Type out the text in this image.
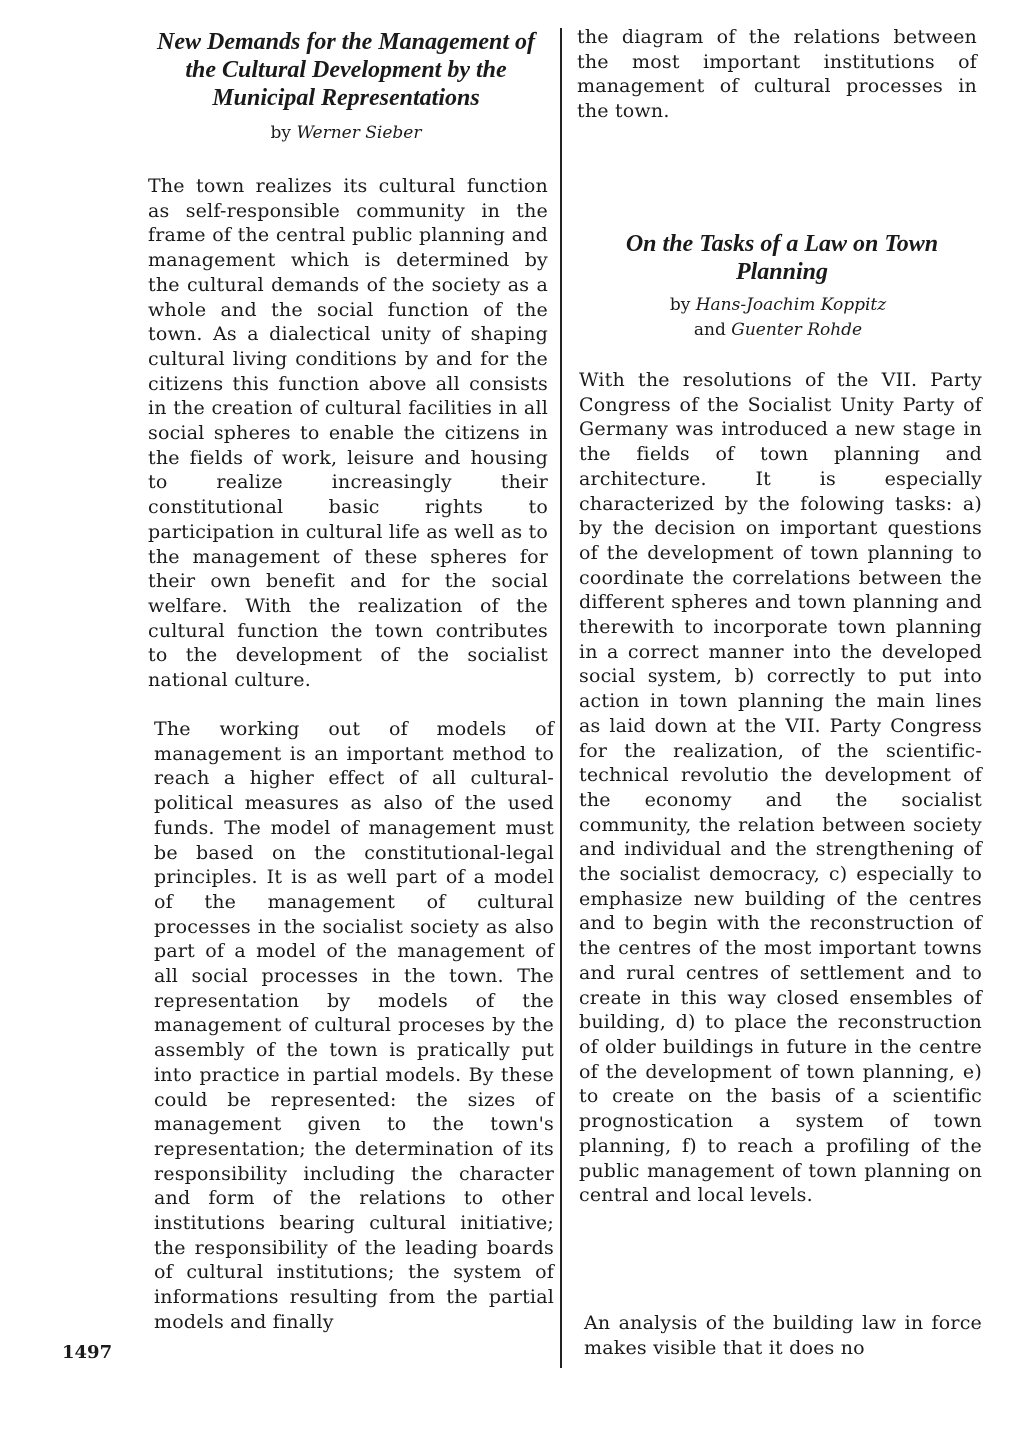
New Demands for the Management of the Cultural Development by the Municipal Representations

by Werner Sieber

The town realizes its cultural function as self-responsible community in the frame of the central public planning and management which is determined by the cultural demands of the society as a whole and the social function of the town. As a dialectical unity of shaping cultural living conditions by and for the citizens this function above all consists in the creation of cultural facilities in all social spheres to enable the citizens in the fields of work, leisure and housing to realize increasingly their constitutional basic rights to participation in cultural life as well as to the management of these spheres for their own benefit and for the social welfare. With the realization of the cultural function the town contributes to the development of the socialist national culture.

The working out of models of management is an important method to reach a higher effect of all cultural-political measures as also of the used funds. The model of management must be based on the constitutional-legal principles. It is as well part of a model of the management of cultural processes in the socialist society as also part of a model of the management of all social processes in the town. The representation by models of the management of cultural proceses by the assembly of the town is pratically put into practice in partial models. By these could be represented: the sizes of management given to the town's representation; the determination of its responsibility including the character and form of the relations to other institutions bearing cultural initiative; the responsibility of the leading boards of cultural institutions; the system of informations resulting from the partial models and finally

the diagram of the relations between the most important institutions of management of cultural processes in the town.

On the Tasks of a Law on Town Planning

by Hans-Joachim Koppitz

and Guenter Rohde

With the resolutions of the VII. Party Congress of the Socialist Unity Party of Germany was introduced a new stage in the fields of town planning and architecture. It is especially characterized by the folowing tasks: a) by the decision on important questions of the development of town planning to coordinate the correlations between the different spheres and town planning and therewith to incorporate town planning in a correct manner into the developed social system, b) correctly to put into action in town planning the main lines as laid down at the VII. Party Congress for the realization, of the scientific-technical revolutio the development of the economy and the socialist community, the relation between society and individual and the strengthening of the socialist democracy, c) especially to emphasize new building of the centres and to begin with the reconstruction of the centres of the most important towns and rural centres of settlement and to create in this way closed ensembles of building, d) to place the reconstruction of older buildings in future in the centre of the development of town planning, e) to create on the basis of a scientific prognostication a system of town planning, f) to reach a profiling of the public management of town planning on central and local levels.

An analysis of the building law in force makes visible that it does no

1497
